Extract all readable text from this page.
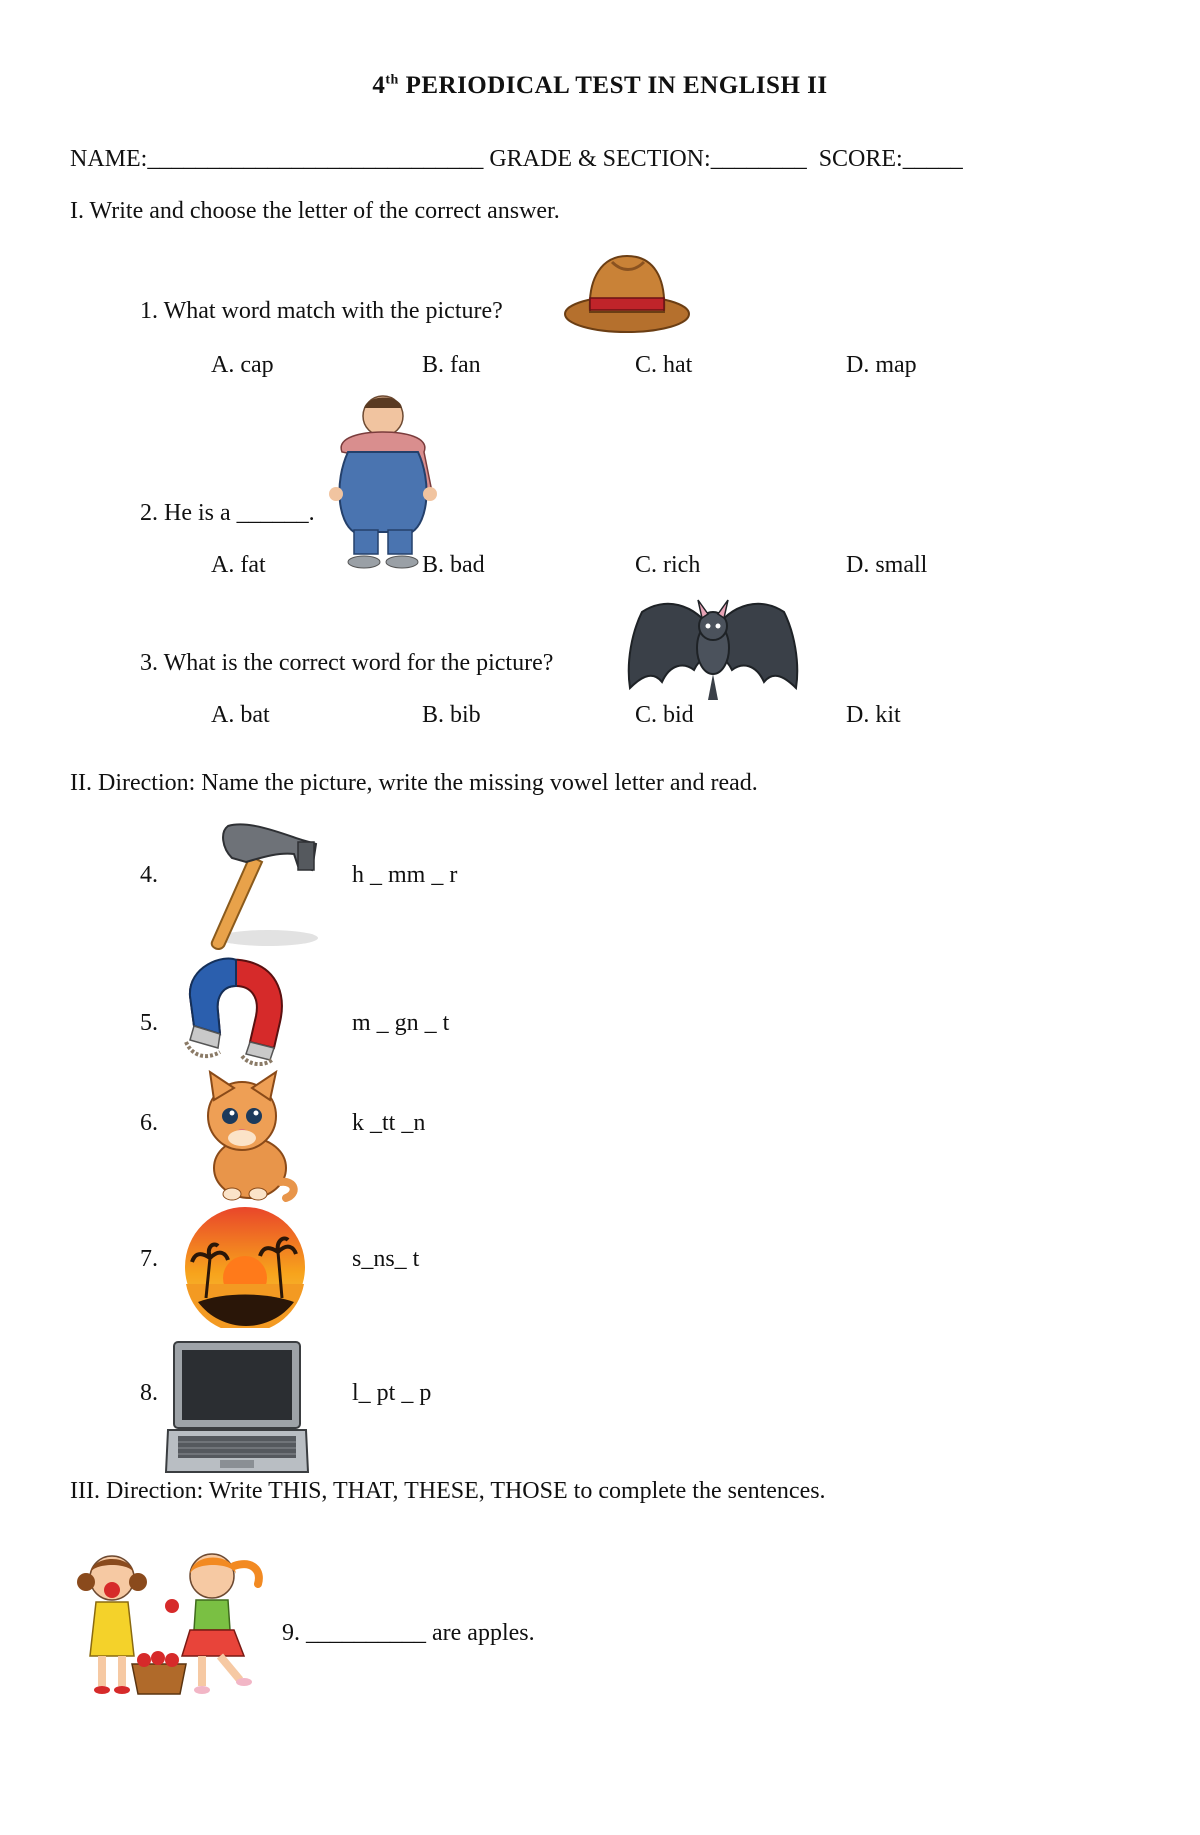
4th PERIODICAL TEST IN ENGLISH II
NAME:____________________________ GRADE & SECTION:________ SCORE:_____
I. Write and choose the letter of the correct answer.
1. What word match with the picture?
A. cap	B. fan	C. hat	D. map
2. He is a ______.
A. fat	B. bad	C. rich	D. small
3. What is the correct word for the picture?
A. bat	B. bib	C. bid	D. kit
II. Direction: Name the picture, write the missing vowel letter and read.
4.	h _ mm _ r
5.	m _ gn _ t
6.	k _tt _n
7.	s_ns_ t
8.	l_ pt _ p
III. Direction: Write THIS, THAT, THESE, THOSE to complete the sentences.
9. __________ are apples.
